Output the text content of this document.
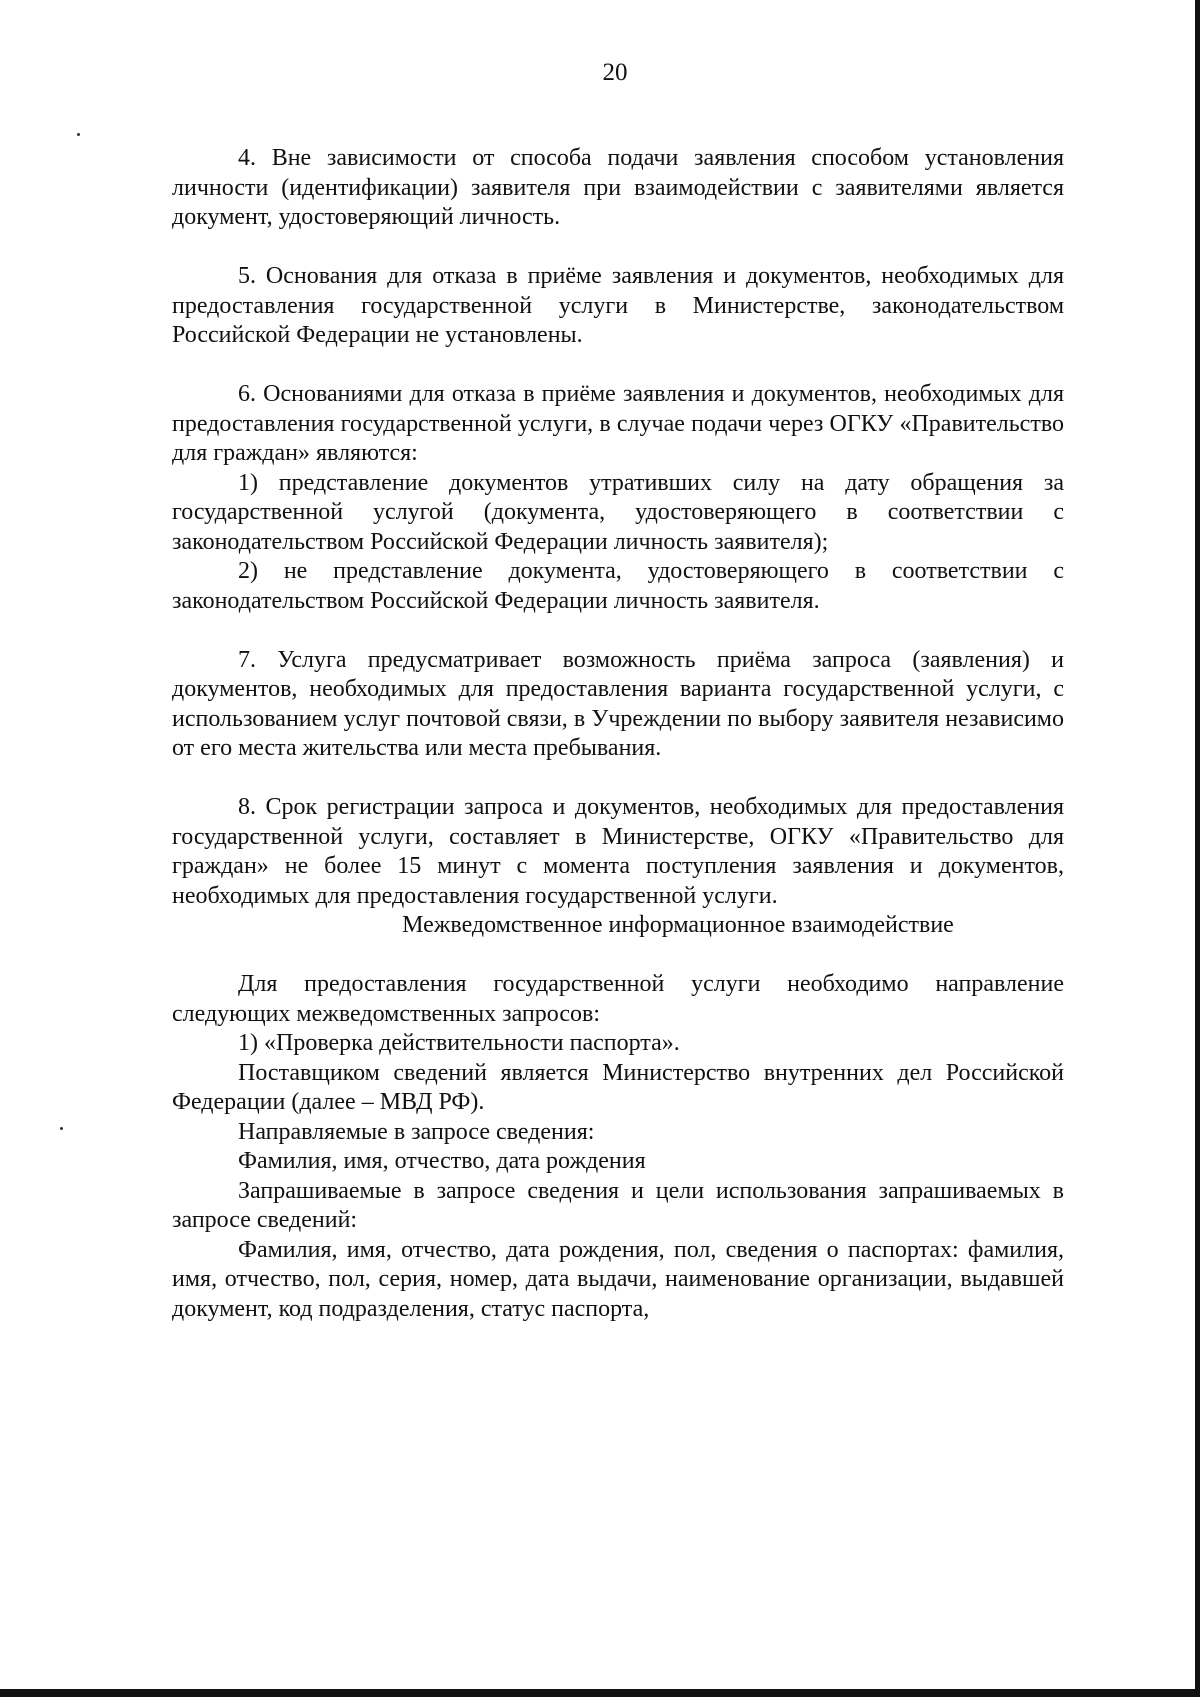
20

4. Вне зависимости от способа подачи заявления способом установления личности (идентификации) заявителя при взаимодействии с заявителями является документ, удостоверяющий личность.

5. Основания для отказа в приёме заявления и документов, необходимых для предоставления государственной услуги в Министерстве, законодательством Российской Федерации не установлены.

6. Основаниями для отказа в приёме заявления и документов, необходимых для предоставления государственной услуги, в случае подачи через ОГКУ «Правительство для граждан» являются:

1) представление документов утративших силу на дату обращения за государственной услугой (документа, удостоверяющего в соответствии с законодательством Российской Федерации личность заявителя);

2) не представление документа, удостоверяющего в соответствии с законодательством Российской Федерации личность заявителя.

7. Услуга предусматривает возможность приёма запроса (заявления) и документов, необходимых для предоставления варианта государственной услуги, с использованием услуг почтовой связи, в Учреждении по выбору заявителя независимо от его места жительства или места пребывания.

8. Срок регистрации запроса и документов, необходимых для предоставления государственной услуги, составляет в Министерстве, ОГКУ «Правительство для граждан» не более 15 минут с момента поступления заявления и документов, необходимых для предоставления государственной услуги.

Межведомственное информационное взаимодействие

Для предоставления государственной услуги необходимо направление следующих межведомственных запросов:

1) «Проверка действительности паспорта».

Поставщиком сведений является Министерство внутренних дел Российской Федерации (далее – МВД РФ).

Направляемые в запросе сведения:

Фамилия, имя, отчество, дата рождения

Запрашиваемые в запросе сведения и цели использования запрашиваемых в запросе сведений:

Фамилия, имя, отчество, дата рождения, пол, сведения о паспортах: фамилия, имя, отчество, пол, серия, номер, дата выдачи, наименование организации, выдавшей документ, код подразделения, статус паспорта,
